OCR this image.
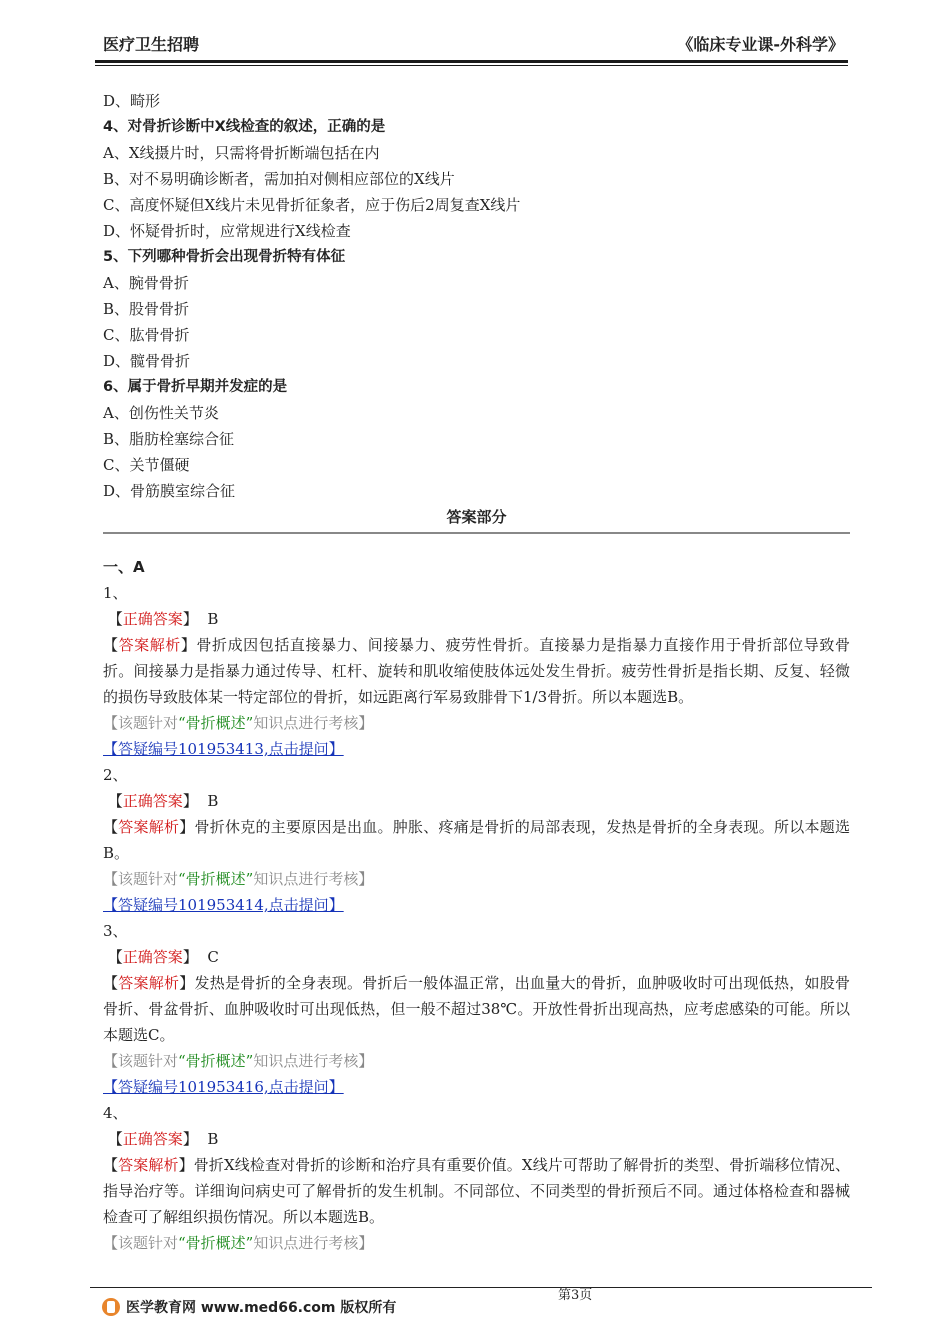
医疗卫生招聘	《临床专业课-外科学》
D、畸形
4、对骨折诊断中X线检查的叙述，正确的是
A、X线摄片时，只需将骨折断端包括在内
B、对不易明确诊断者，需加拍对侧相应部位的X线片
C、高度怀疑但X线片未见骨折征象者，应于伤后2周复查X线片
D、怀疑骨折时，应常规进行X线检查
5、下列哪种骨折会出现骨折特有体征
A、腕骨骨折
B、股骨骨折
C、肱骨骨折
D、髋骨骨折
6、属于骨折早期并发症的是
A、创伤性关节炎
B、脂肪栓塞综合征
C、关节僵硬
D、骨筋膜室综合征
答案部分
一、A
1、
【正确答案】 B
【答案解析】骨折成因包括直接暴力、间接暴力、疲劳性骨折。直接暴力是指暴力直接作用于骨折部位导致骨折。间接暴力是指暴力通过传导、杠杆、旋转和肌收缩使肢体远处发生骨折。疲劳性骨折是指长期、反复、轻微的损伤导致肢体某一特定部位的骨折，如远距离行军易致腓骨下1/3骨折。所以本题选B。
【该题针对“骨折概述”知识点进行考核】
【答疑编号101953413,点击提问】
2、
【正确答案】 B
【答案解析】骨折休克的主要原因是出血。肿胀、疼痛是骨折的局部表现，发热是骨折的全身表现。所以本题选B。
【该题针对“骨折概述”知识点进行考核】
【答疑编号101953414,点击提问】
3、
【正确答案】 C
【答案解析】发热是骨折的全身表现。骨折后一般体温正常，出血量大的骨折，血肿吸收时可出现低热，如股骨骨折、骨盆骨折、血肿吸收时可出现低热，但一般不超过38℃。开放性骨折出现高热，应考虑感染的可能。所以本题选C。
【该题针对“骨折概述”知识点进行考核】
【答疑编号101953416,点击提问】
4、
【正确答案】 B
【答案解析】骨折X线检查对骨折的诊断和治疗具有重要价值。X线片可帮助了解骨折的类型、骨折端移位情况、指导治疗等。详细询问病史可了解骨折的发生机制。不同部位、不同类型的骨折预后不同。通过体格检查和器械检查可了解组织损伤情况。所以本题选B。
【该题针对“骨折概述”知识点进行考核】
医学教育网 www.med66.com 版权所有
第3页
